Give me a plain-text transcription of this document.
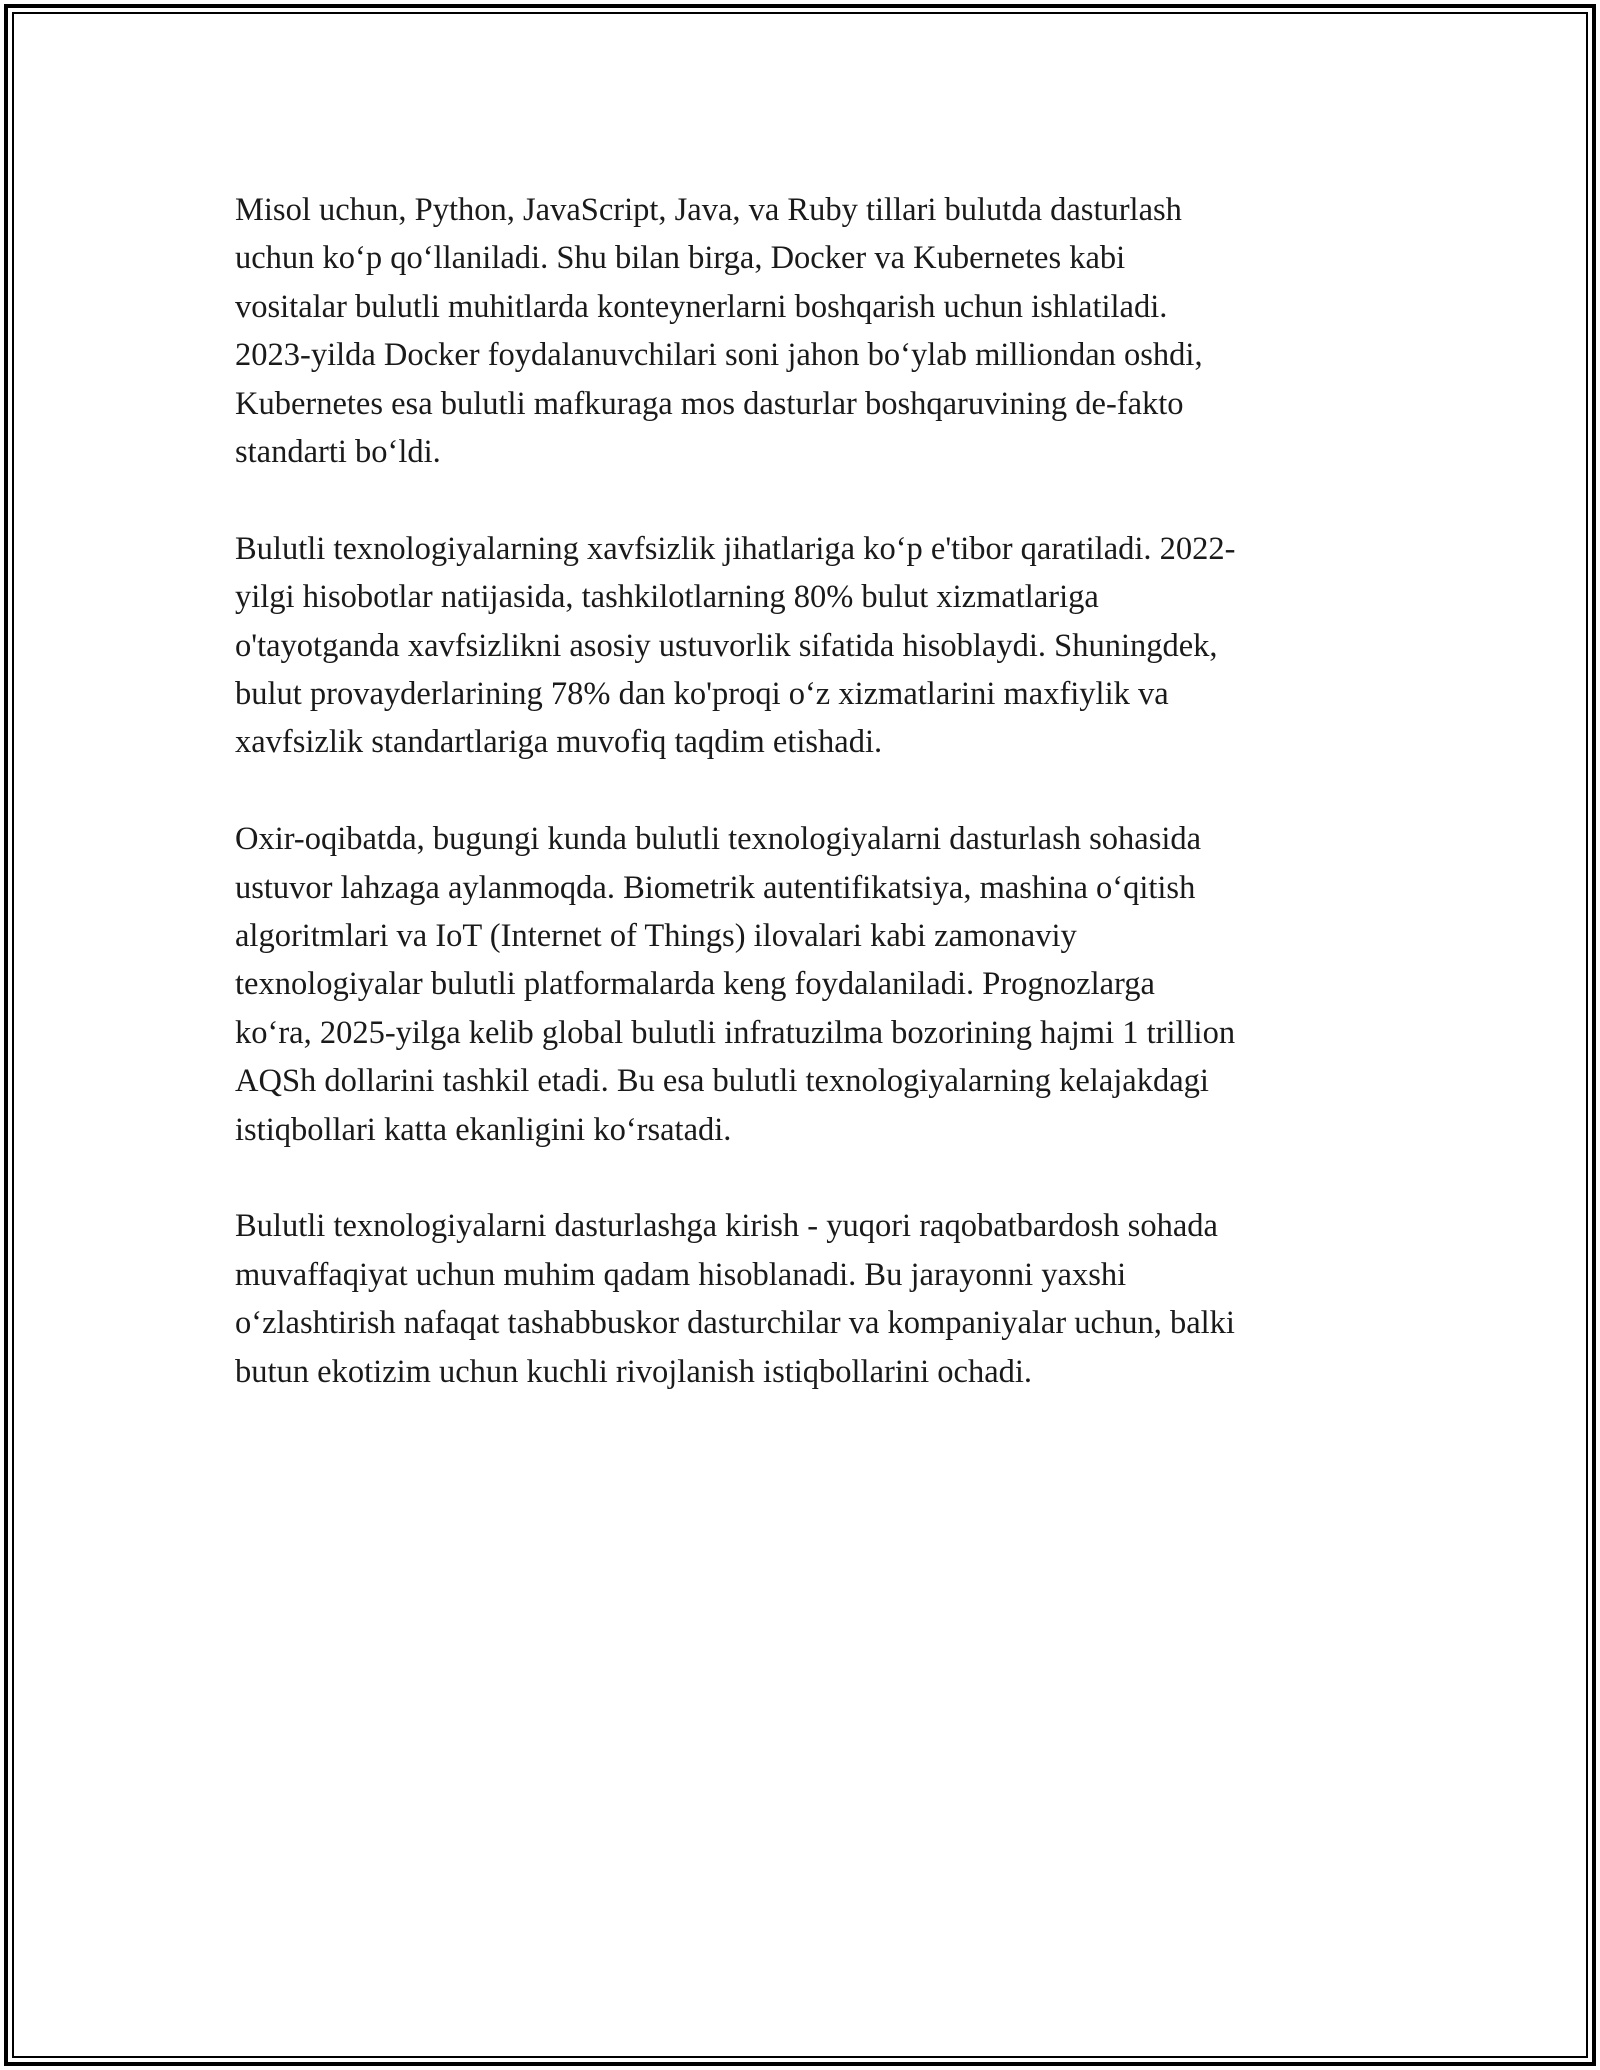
Misol uchun, Python, JavaScript, Java, va Ruby tillari bulutda dasturlash
uchun ko‘p qo‘llaniladi. Shu bilan birga, Docker va Kubernetes kabi
vositalar bulutli muhitlarda konteynerlarni boshqarish uchun ishlatiladi.
2023-yilda Docker foydalanuvchilari soni jahon bo‘ylab milliondan oshdi,
Kubernetes esa bulutli mafkuraga mos dasturlar boshqaruvining de-fakto
standarti bo‘ldi.

Bulutli texnologiyalarning xavfsizlik jihatlariga ko‘p e'tibor qaratiladi. 2022-
yilgi hisobotlar natijasida, tashkilotlarning 80% bulut xizmatlariga
o'tayotganda xavfsizlikni asosiy ustuvorlik sifatida hisoblaydi. Shuningdek,
bulut provayderlarining 78% dan ko'proqi o‘z xizmatlarini maxfiylik va
xavfsizlik standartlariga muvofiq taqdim etishadi.

Oxir-oqibatda, bugungi kunda bulutli texnologiyalarni dasturlash sohasida
ustuvor lahzaga aylanmoqda. Biometrik autentifikatsiya, mashina o‘qitish
algoritmlari va IoT (Internet of Things) ilovalari kabi zamonaviy
texnologiyalar bulutli platformalarda keng foydalaniladi. Prognozlarga
ko‘ra, 2025-yilga kelib global bulutli infratuzilma bozorining hajmi 1 trillion
AQSh dollarini tashkil etadi. Bu esa bulutli texnologiyalarning kelajakdagi
istiqbollari katta ekanligini ko‘rsatadi.

Bulutli texnologiyalarni dasturlashga kirish - yuqori raqobatbardosh sohada
muvaffaqiyat uchun muhim qadam hisoblanadi. Bu jarayonni yaxshi
o‘zlashtirish nafaqat tashabbuskor dasturchilar va kompaniyalar uchun, balki
butun ekotizim uchun kuchli rivojlanish istiqbollarini ochadi.
